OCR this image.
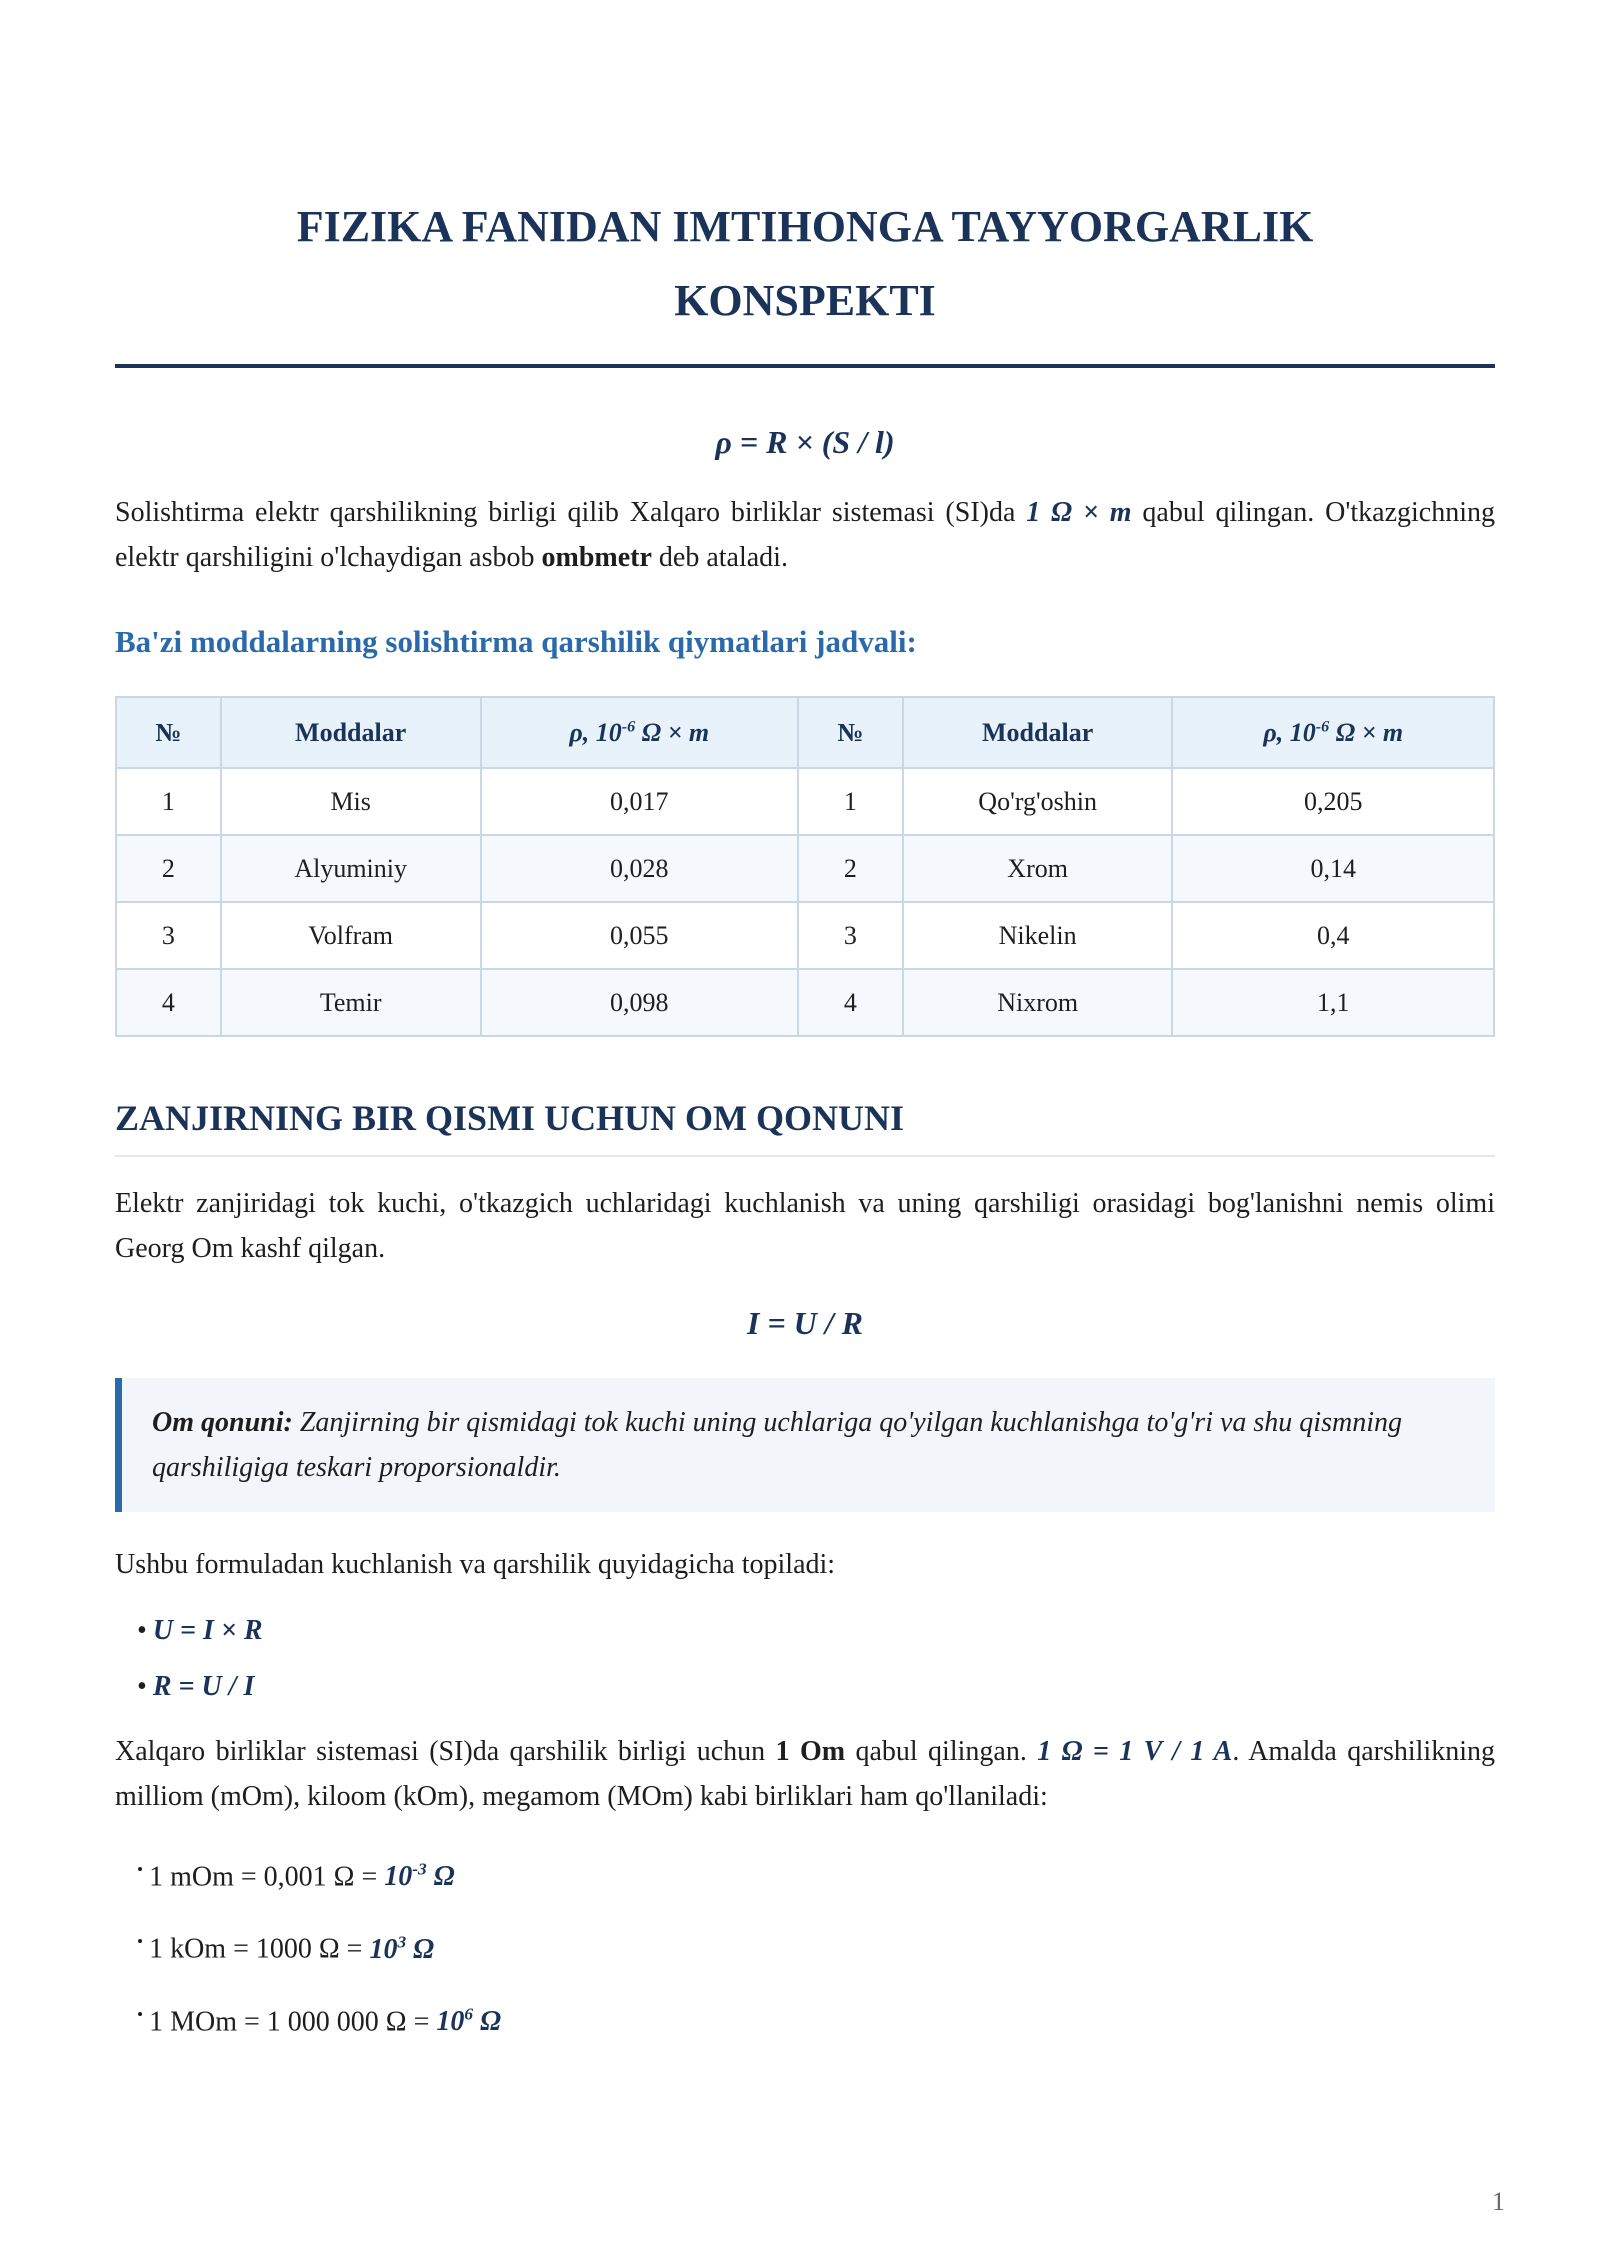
FIZIKA FANIDAN IMTIHONGA TAYYORGARLIK
KONSPEKTI
ρ = R × (S / l)

Solishtirma elektr qarshilikning birligi qilib Xalqaro birliklar sistemasi (SI)da 1 Ω × m qabul qilingan. O'tkazgichning elektr qarshiligini o'lchaydigan asbob ombmetr deb ataladi.

Ba'zi moddalarning solishtirma qarshilik qiymatlari jadvali:
№	Moddalar	ρ, $10^{-6}$ Ω × m	№	Moddalar	ρ, $10^{-6}$ Ω × m
1	Mis	0,017	1	Qo'rg'oshin	0,205
2	Alyuminiy	0,028	2	Xrom	0,14
3	Volfram	0,055	3	Nikelin	0,4
4	Temir	0,098	4	Nixrom	1,1
ZANJIRNING BIR QISMI UCHUN OM QONUNI

Elektr zanjiridagi tok kuchi, o'tkazgich uchlaridagi kuchlanish va uning qarshiligi orasidagi bog'lanishni nemis olimi Georg Om kashf qilgan.

I = U / R
Om qonuni: Zanjirning bir qismidagi tok kuchi uning uchlariga qo'yilgan kuchlanishga to'g'ri va shu qismning qarshiligiga teskari proporsionaldir.

Ushbu formuladan kuchlanish va qarshilik quyidagicha topiladi:

• U = I × R
• R = U / I

Xalqaro birliklar sistemasi (SI)da qarshilik birligi uchun 1 Om qabul qilingan. 1 Ω = 1 V / 1 A. Amalda qarshilikning milliom (mOm), kiloom (kOm), megamom (MOm) kabi birliklari ham qo'llaniladi:

• 1 mOm = 0,001 $\Omega = 10^{-3}$ Ω
• 1 kOm = 1000 $\Omega = 10^3$ Ω
• 1 MOm = 1 000 000 $\Omega = 10^6$ Ω
1
